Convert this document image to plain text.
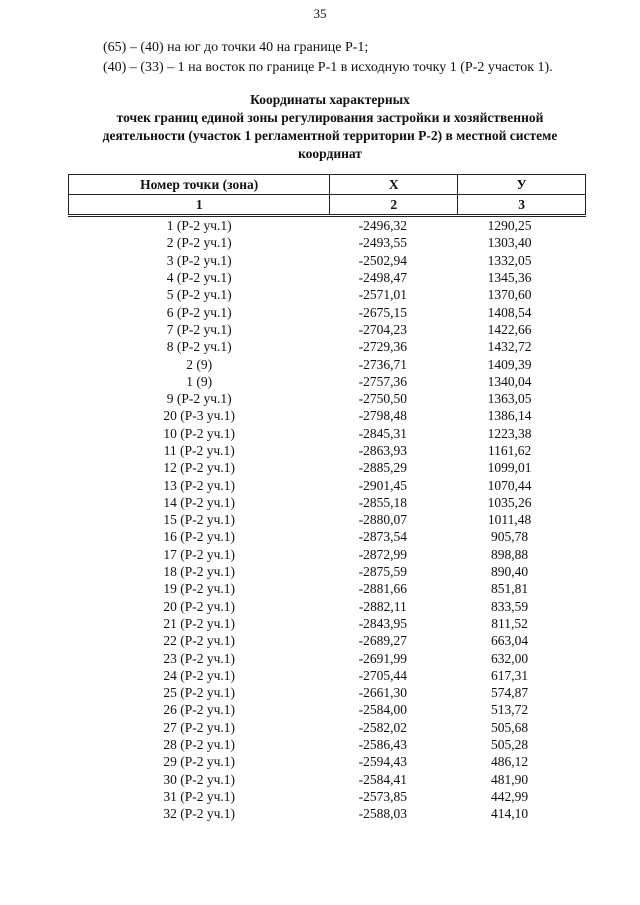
35
(65) – (40) на юг до точки 40 на границе Р-1;
(40) – (33) – 1 на восток по границе Р-1 в исходную точку 1 (Р-2 участок 1).
Координаты характерных
точек границ единой зоны регулирования застройки и хозяйственной
деятельности (участок 1 регламентной территории Р-2) в местной системе
координат
Номер точки (зона)	Х	У
1	2	3
1 (Р-2 уч.1)	-2496,32	1290,25
2 (Р-2 уч.1)	-2493,55	1303,40
3 (Р-2 уч.1)	-2502,94	1332,05
4 (Р-2 уч.1)	-2498,47	1345,36
5 (Р-2 уч.1)	-2571,01	1370,60
6 (Р-2 уч.1)	-2675,15	1408,54
7 (Р-2 уч.1)	-2704,23	1422,66
8 (Р-2 уч.1)	-2729,36	1432,72
2 (9)	-2736,71	1409,39
1 (9)	-2757,36	1340,04
9 (Р-2 уч.1)	-2750,50	1363,05
20 (Р-3 уч.1)	-2798,48	1386,14
10 (Р-2 уч.1)	-2845,31	1223,38
11 (Р-2 уч.1)	-2863,93	1161,62
12 (Р-2 уч.1)	-2885,29	1099,01
13 (Р-2 уч.1)	-2901,45	1070,44
14 (Р-2 уч.1)	-2855,18	1035,26
15 (Р-2 уч.1)	-2880,07	1011,48
16 (Р-2 уч.1)	-2873,54	905,78
17 (Р-2 уч.1)	-2872,99	898,88
18 (Р-2 уч.1)	-2875,59	890,40
19 (Р-2 уч.1)	-2881,66	851,81
20 (Р-2 уч.1)	-2882,11	833,59
21 (Р-2 уч.1)	-2843,95	811,52
22 (Р-2 уч.1)	-2689,27	663,04
23 (Р-2 уч.1)	-2691,99	632,00
24 (Р-2 уч.1)	-2705,44	617,31
25 (Р-2 уч.1)	-2661,30	574,87
26 (Р-2 уч.1)	-2584,00	513,72
27 (Р-2 уч.1)	-2582,02	505,68
28 (Р-2 уч.1)	-2586,43	505,28
29 (Р-2 уч.1)	-2594,43	486,12
30 (Р-2 уч.1)	-2584,41	481,90
31 (Р-2 уч.1)	-2573,85	442,99
32 (Р-2 уч.1)	-2588,03	414,10
